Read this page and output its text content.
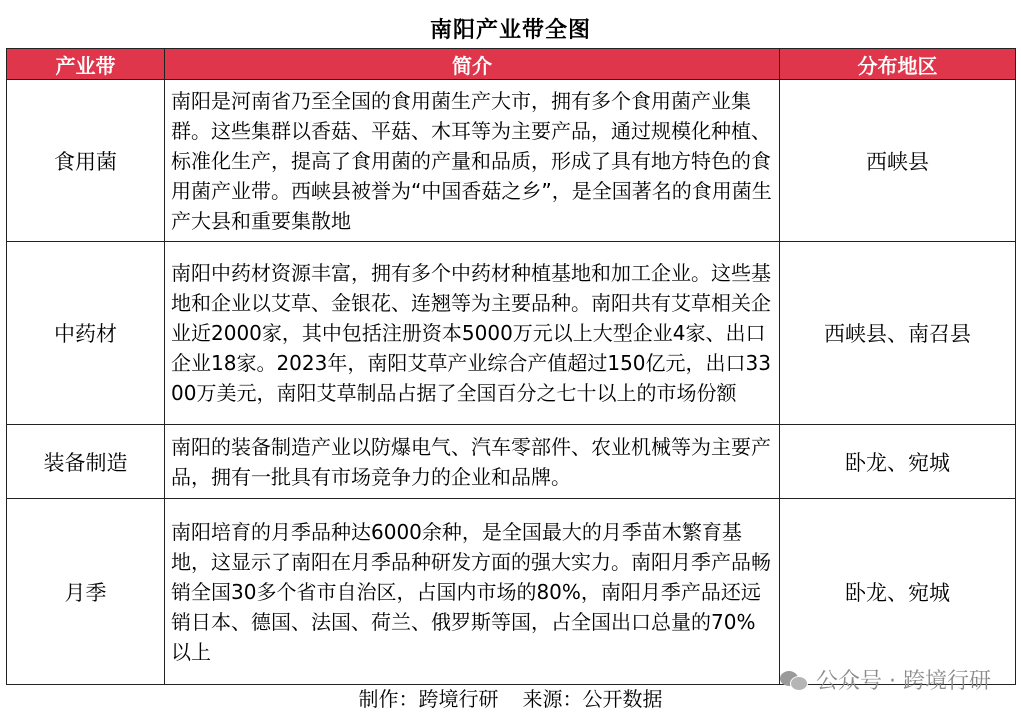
南阳产业带全图
产业带	简介	分布地区
食用菌	南阳是河南省乃至全国的食用菌生产大市，拥有多个食用菌产业集群。这些集群以香菇、平菇、木耳等为主要产品，通过规模化种植、标准化生产，提高了食用菌的产量和品质，形成了具有地方特色的食用菌产业带。西峡县被誉为“中国香菇之乡”，是全国著名的食用菌生产大县和重要集散地	西峡县
中药材	南阳中药材资源丰富，拥有多个中药材种植基地和加工企业。这些基地和企业以艾草、金银花、连翘等为主要品种。南阳共有艾草相关企业近2000家，其中包括注册资本5000万元以上大型企业4家、出口企业18家。2023年，南阳艾草产业综合产值超过150亿元，出口3300万美元，南阳艾草制品占据了全国百分之七十以上的市场份额	西峡县、南召县
装备制造	南阳的装备制造产业以防爆电气、汽车零部件、农业机械等为主要产品，拥有一批具有市场竞争力的企业和品牌。	卧龙、宛城
月季	南阳培育的月季品种达6000余种，是全国最大的月季苗木繁育基地，这显示了南阳在月季品种研发方面的强大实力。南阳月季产品畅销全国30多个省市自治区，占国内市场的80%，南阳月季产品还远销日本、德国、法国、荷兰、俄罗斯等国，占全国出口总量的70%以上	卧龙、宛城
制作：跨境行研 来源：公开数据
公众号 · 跨境行研
